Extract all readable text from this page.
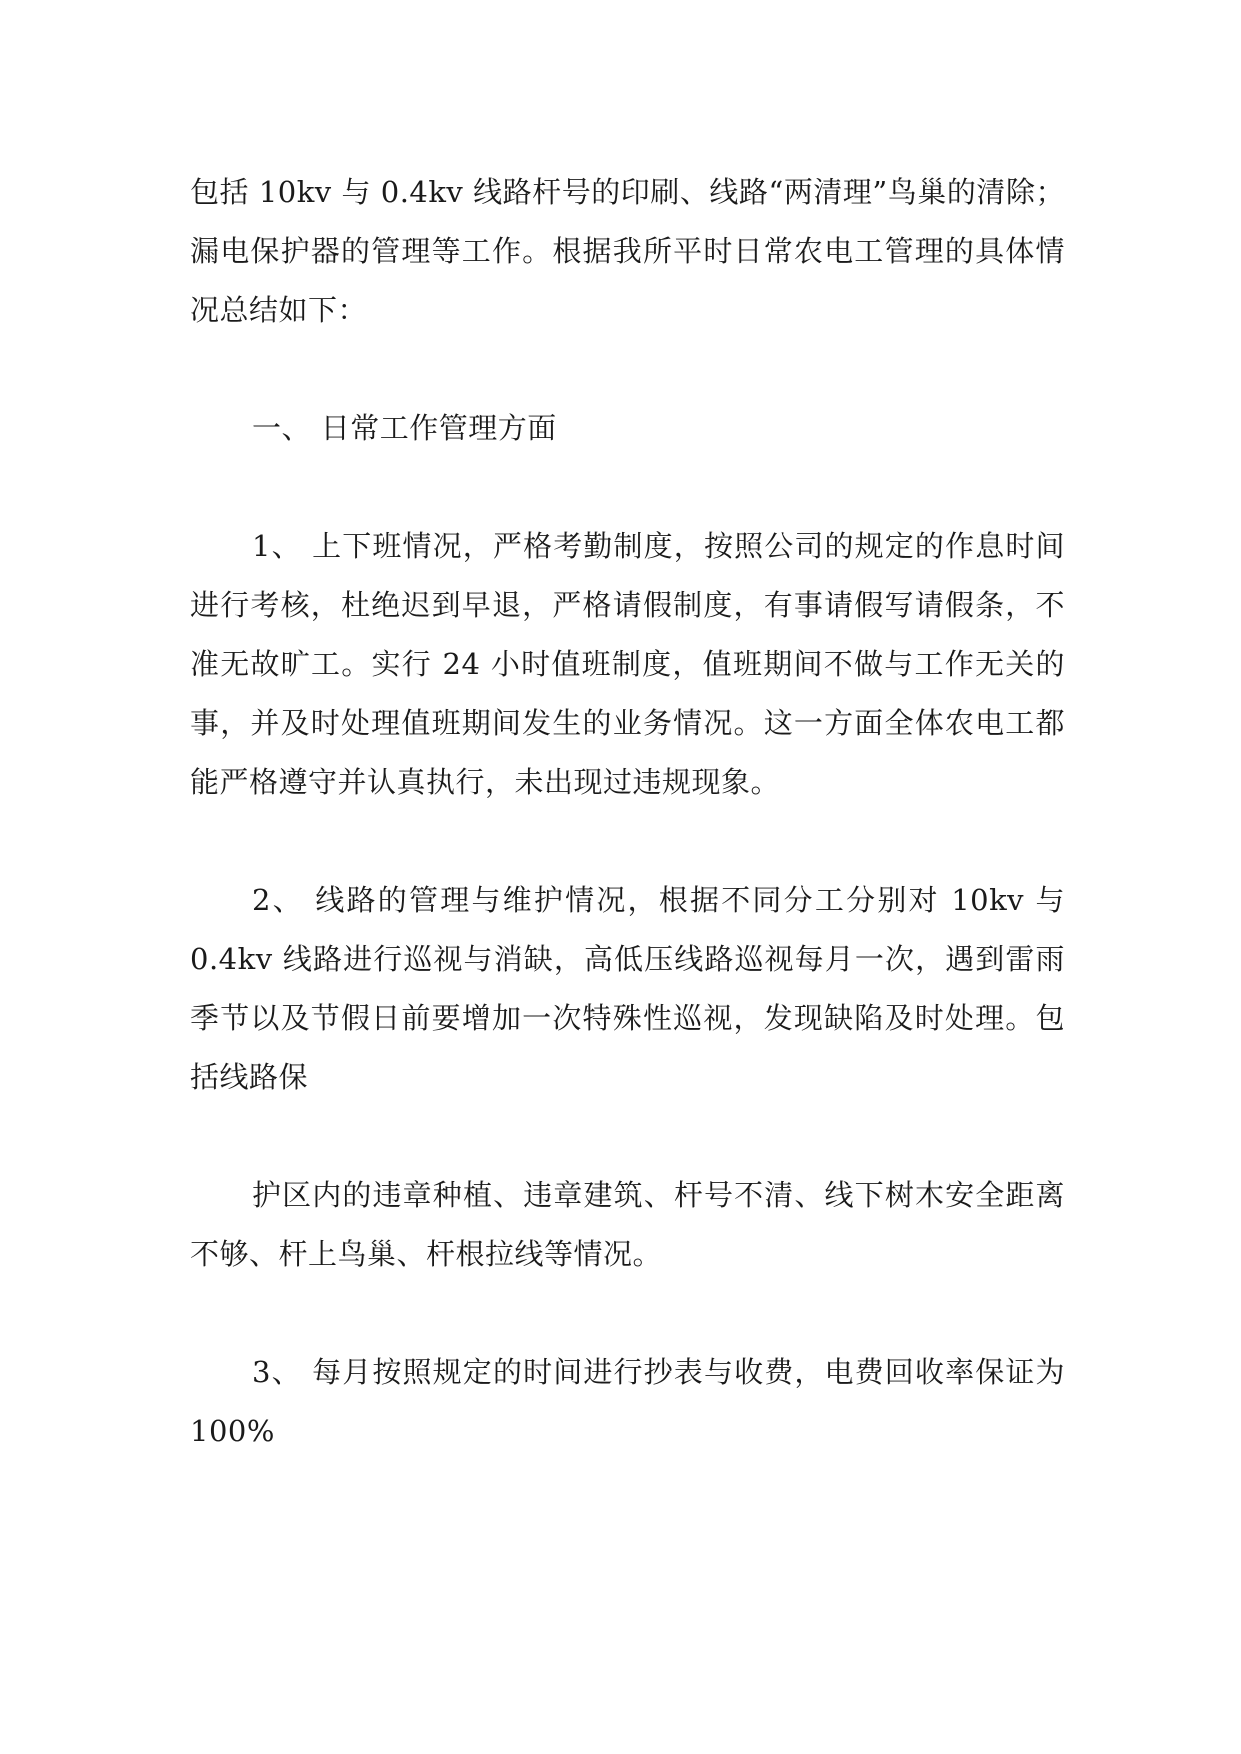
包括 10kv 与 0.4kv 线路杆号的印刷、线路“两清理”鸟巢的清除；漏电保护器的管理等工作。根据我所平时日常农电工管理的具体情况总结如下：

一、 日常工作管理方面

1、 上下班情况，严格考勤制度，按照公司的规定的作息时间进行考核，杜绝迟到早退，严格请假制度，有事请假写请假条，不准无故旷工。实行 24 小时值班制度，值班期间不做与工作无关的事，并及时处理值班期间发生的业务情况。这一方面全体农电工都能严格遵守并认真执行，未出现过违规现象。

2、 线路的管理与维护情况，根据不同分工分别对 10kv 与 0.4kv 线路进行巡视与消缺，高低压线路巡视每月一次，遇到雷雨季节以及节假日前要增加一次特殊性巡视，发现缺陷及时处理。包括线路保

护区内的违章种植、违章建筑、杆号不清、线下树木安全距离不够、杆上鸟巢、杆根拉线等情况。

3、 每月按照规定的时间进行抄表与收费，电费回收率保证为 100%
